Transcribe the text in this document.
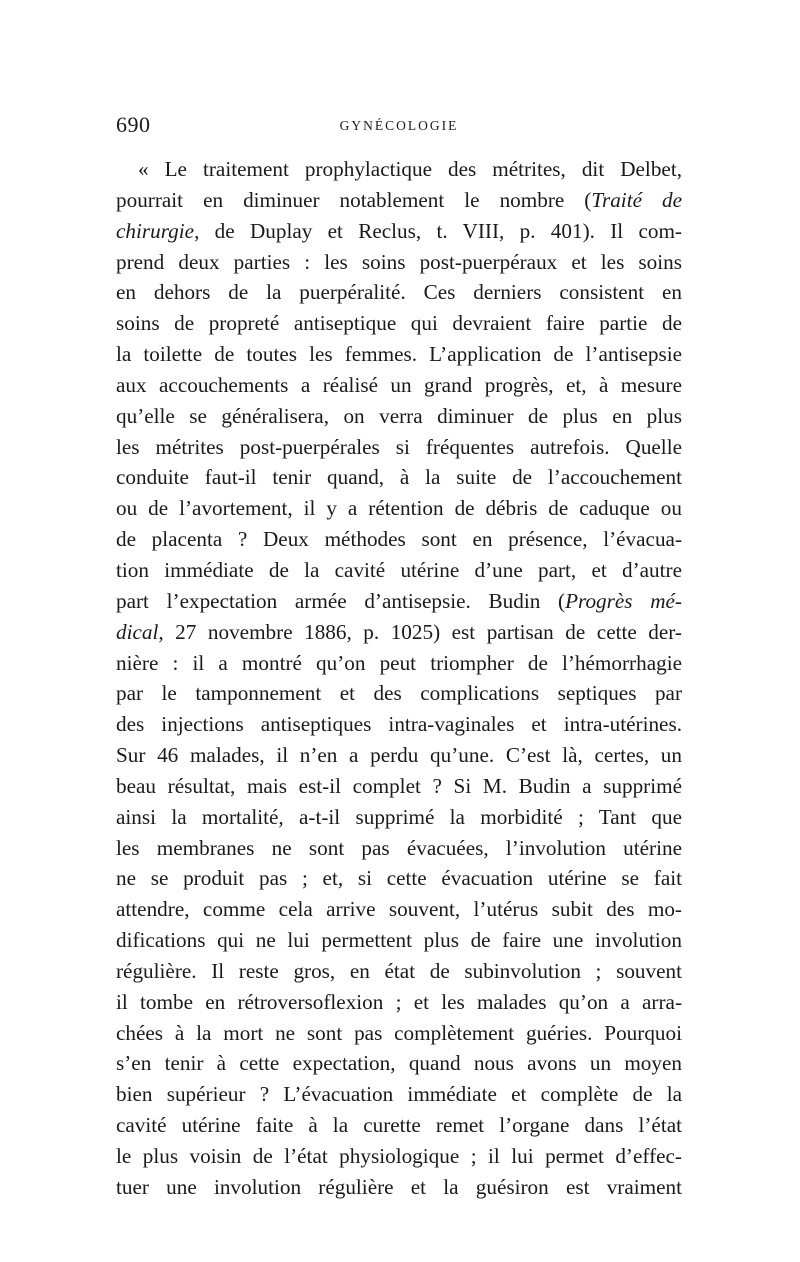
690	GYNÉCOLOGIE
« Le traitement prophylactique des métrites, dit Delbet,
pourrait en diminuer notablement le nombre (Traité de
chirurgie, de Duplay et Reclus, t. VIII, p. 401). Il com-
prend deux parties : les soins post-puerpéraux et les soins
en dehors de la puerpéralité. Ces derniers consistent en
soins de propreté antiseptique qui devraient faire partie de
la toilette de toutes les femmes. L’application de l’antisepsie
aux accouchements a réalisé un grand progrès, et, à mesure
qu’elle se généralisera, on verra diminuer de plus en plus
les métrites post-puerpérales si fréquentes autrefois. Quelle
conduite faut-il tenir quand, à la suite de l’accouchement
ou de l’avortement, il y a rétention de débris de caduque ou
de placenta ? Deux méthodes sont en présence, l’évacua-
tion immédiate de la cavité utérine d’une part, et d’autre
part l’expectation armée d’antisepsie. Budin (Progrès mé-
dical, 27 novembre 1886, p. 1025) est partisan de cette der-
nière : il a montré qu’on peut triompher de l’hémorrhagie
par le tamponnement et des complications septiques par
des injections antiseptiques intra-vaginales et intra-utérines.
Sur 46 malades, il n’en a perdu qu’une. C’est là, certes, un
beau résultat, mais est-il complet ? Si M. Budin a supprimé
ainsi la mortalité, a-t-il supprimé la morbidité ; Tant que
les membranes ne sont pas évacuées, l’involution utérine
ne se produit pas ; et, si cette évacuation utérine se fait
attendre, comme cela arrive souvent, l’utérus subit des mo-
difications qui ne lui permettent plus de faire une involution
régulière. Il reste gros, en état de subinvolution ; souvent
il tombe en rétroversoflexion ; et les malades qu’on a arra-
chées à la mort ne sont pas complètement guéries. Pourquoi
s’en tenir à cette expectation, quand nous avons un moyen
bien supérieur ? L’évacuation immédiate et complète de la
cavité utérine faite à la curette remet l’organe dans l’état
le plus voisin de l’état physiologique ; il lui permet d’effec-
tuer une involution régulière et la guésiron est vraiment
